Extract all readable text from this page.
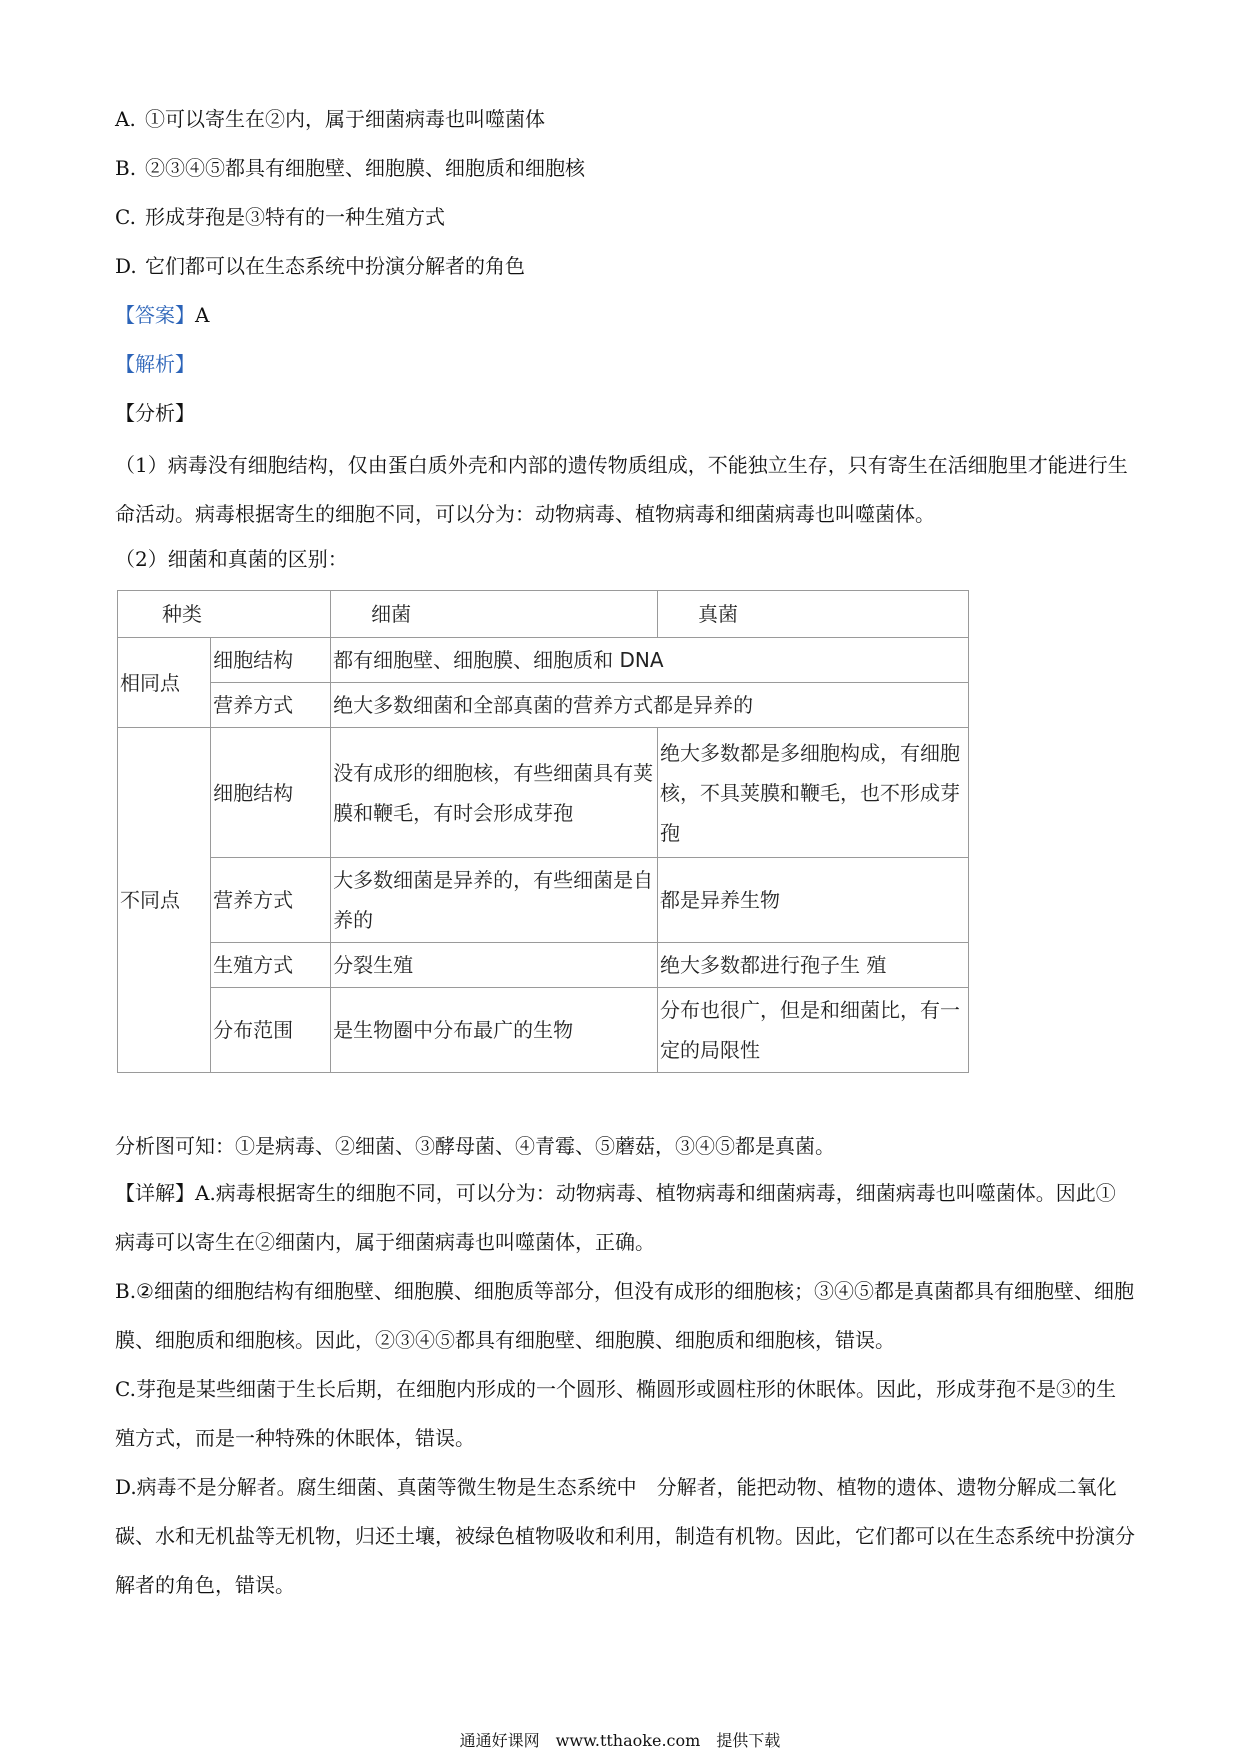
A. ①可以寄生在②内，属于细菌病毒也叫噬菌体
B. ②③④⑤都具有细胞壁、细胞膜、细胞质和细胞核
C. 形成芽孢是③特有的一种生殖方式
D. 它们都可以在生态系统中扮演分解者的角色
【答案】A
【解析】
【分析】
（1）病毒没有细胞结构，仅由蛋白质外壳和内部的遗传物质组成，不能独立生存，只有寄生在活细胞里才能进行生命活动。病毒根据寄生的细胞不同，可以分为：动物病毒、植物病毒和细菌病毒也叫噬菌体。
（2）细菌和真菌的区别：
种类		细菌	真菌
相同点	细胞结构	都有细胞壁、细胞膜、细胞质和 DNA	
	营养方式	绝大多数细菌和全部真菌的营养方式都是异养的	
不同点	细胞结构	没有成形的细胞核，有些细菌具有荚膜和鞭毛，有时会形成芽孢	绝大多数都是多细胞构成，有细胞核，不具荚膜和鞭毛，也不形成芽孢
	营养方式	大多数细菌是异养的，有些细菌是自养的	都是异养生物
	生殖方式	分裂生殖	绝大多数都进行孢子生 殖
	分布范围	是生物圈中分布最广的生物	分布也很广，但是和细菌比，有一定的局限性
分析图可知：①是病毒、②细菌、③酵母菌、④青霉、⑤蘑菇，③④⑤都是真菌。
【详解】A.病毒根据寄生的细胞不同，可以分为：动物病毒、植物病毒和细菌病毒，细菌病毒也叫噬菌体。因此①病毒可以寄生在②细菌内，属于细菌病毒也叫噬菌体，正确。
B.②细菌的细胞结构有细胞壁、细胞膜、细胞质等部分，但没有成形的细胞核；③④⑤都是真菌都具有细胞壁、细胞膜、细胞质和细胞核。因此，②③④⑤都具有细胞壁、细胞膜、细胞质和细胞核，错误。
C.芽孢是某些细菌于生长后期，在细胞内形成的一个圆形、椭圆形或圆柱形的休眠体。因此，形成芽孢不是③的生殖方式，而是一种特殊的休眠体，错误。
D.病毒不是分解者。腐生细菌、真菌等微生物是生态系统中　分解者，能把动物、植物的遗体、遗物分解成二氧化碳、水和无机盐等无机物，归还土壤，被绿色植物吸收和利用，制造有机物。因此，它们都可以在生态系统中扮演分解者的角色，错误。
通通好课网　www.tthaoke.com　提供下载
